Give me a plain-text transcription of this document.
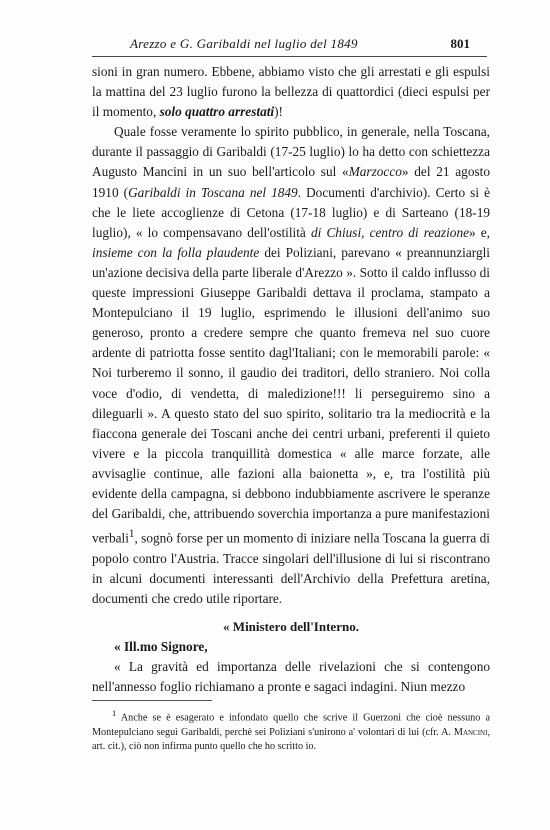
Arezzo e G. Garibaldi nel luglio del 1849	801

sioni in gran numero. Ebbene, abbiamo visto che gli arrestati e gli espulsi la mattina del 23 luglio furono la bellezza di quattordici (dieci espulsi per il momento, solo quattro arrestati)!

Quale fosse veramente lo spirito pubblico, in generale, nella Toscana, durante il passaggio di Garibaldi (17-25 luglio) lo ha detto con schiettezza Augusto Mancini in un suo bell'articolo sul «Marzocco» del 21 agosto 1910 (Garibaldi in Toscana nel 1849. Documenti d'archivio). Certo si è che le liete accoglienze di Cetona (17-18 luglio) e di Sarteano (18-19 luglio), « lo compensavano dell'ostilità di Chiusi, centro di reazione» e, insieme con la folla plaudente dei Poliziani, parevano « preannunziargli un'azione decisiva della parte liberale d'Arezzo ». Sotto il caldo influsso di queste impressioni Giuseppe Garibaldi dettava il proclama, stampato a Montepulciano il 19 luglio, esprimendo le illusioni dell'animo suo generoso, pronto a credere sempre che quanto fremeva nel suo cuore ardente di patriotta fosse sentito dagl'Italiani; con le memorabili parole: « Noi turberemo il sonno, il gaudio dei traditori, dello straniero. Noi colla voce d'odio, di vendetta, di maledizione!!! li perseguiremo sino a dileguarli ». A questo stato del suo spirito, solitario tra la mediocrità e la fiaccona generale dei Toscani anche dei centri urbani, preferenti il quieto vivere e la piccola tranquillità domestica « alle marce forzate, alle avvisaglie continue, alle fazioni alla baionetta », e, tra l'ostilità più evidente della campagna, si debbono indubbiamente ascrivere le speranze del Garibaldi, che, attribuendo soverchia importanza a pure manifestazioni verbali$^1$, sognò forse per un momento di iniziare nella Toscana la guerra di popolo contro l'Austria. Tracce singolari dell'illusione di lui si riscontrano in alcuni documenti interessanti dell'Archivio della Prefettura aretina, documenti che credo utile riportare.

« Ministero dell'Interno.

« Ill.mo Signore,

« La gravità ed importanza delle rivelazioni che si contengono nell'annesso foglio richiamano a pronte e sagaci indagini. Niun mezzo

$^1$ Anche se è esagerato e infondato quello che scrive il Guerzoni che cioè nessuno a Montepulciano seguì Garibaldi, perchè sei Poliziani s'unirono a' volontari di lui (cfr. A. Mancini, art. cit.), ciò non infirma punto quello che ho scritto io.
